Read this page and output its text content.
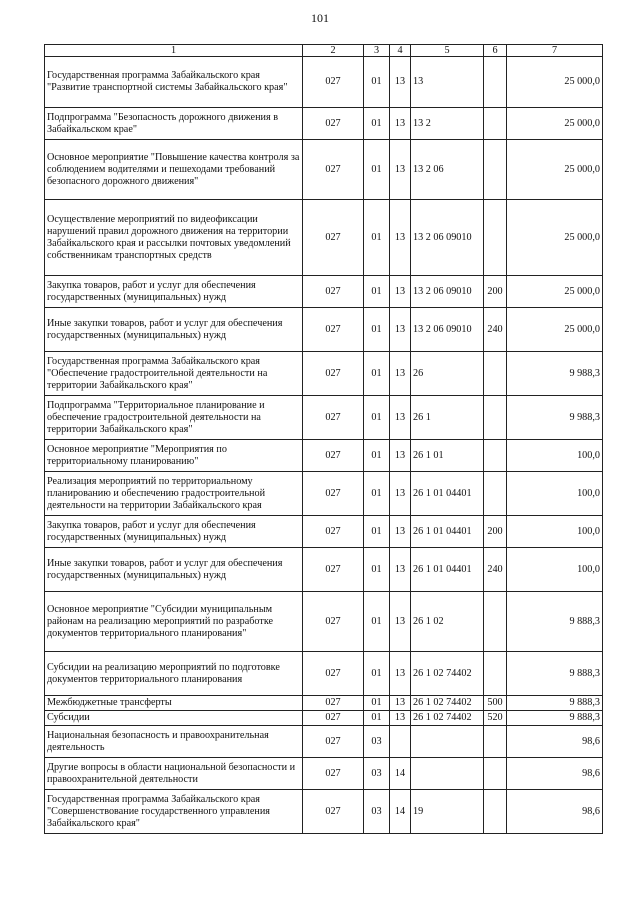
101
1	2	3	4	5	6	7
Государственная программа Забайкальского края "Развитие транспортной системы Забайкальского края"	027	01	13	13		25 000,0
Подпрограмма "Безопасность дорожного движения в Забайкальском крае"	027	01	13	13 2		25 000,0
Основное мероприятие "Повышение качества контроля за соблюдением водителями и пешеходами требований безопасного дорожного движения"	027	01	13	13 2 06		25 000,0
Осуществление мероприятий по видеофиксации нарушений правил дорожного движения на территории Забайкальского края и рассылки почтовых уведомлений собственникам транспортных средств	027	01	13	13 2 06 09010		25 000,0
Закупка товаров, работ и услуг для обеспечения государственных (муниципальных) нужд	027	01	13	13 2 06 09010	200	25 000,0
Иные закупки товаров, работ и услуг для обеспечения государственных (муниципальных) нужд	027	01	13	13 2 06 09010	240	25 000,0
Государственная программа Забайкальского края "Обеспечение градостроительной деятельности на территории Забайкальского края"	027	01	13	26		9 988,3
Подпрограмма "Территориальное планирование и обеспечение градостроительной деятельности на территории Забайкальского края"	027	01	13	26 1		9 988,3
Основное мероприятие "Мероприятия по территориальному планированию"	027	01	13	26 1 01		100,0
Реализация мероприятий по территориальному планированию и обеспечению градостроительной деятельности на территории Забайкальского края	027	01	13	26 1 01 04401		100,0
Закупка товаров, работ и услуг для обеспечения государственных (муниципальных) нужд	027	01	13	26 1 01 04401	200	100,0
Иные закупки товаров, работ и услуг для обеспечения государственных (муниципальных) нужд	027	01	13	26 1 01 04401	240	100,0
Основное мероприятие "Субсидии муниципальным районам на реализацию мероприятий по разработке документов территориального планирования"	027	01	13	26 1 02		9 888,3
Субсидии на реализацию мероприятий по подготовке документов территориального планирования	027	01	13	26 1 02 74402		9 888,3
Межбюджетные трансферты	027	01	13	26 1 02 74402	500	9 888,3
Субсидии	027	01	13	26 1 02 74402	520	9 888,3
Национальная безопасность и правоохранительная деятельность	027	03				98,6
Другие вопросы в области национальной безопасности и правоохранительной деятельности	027	03	14			98,6
Государственная программа Забайкальского края "Совершенствование государственного управления Забайкальского края"	027	03	14	19		98,6
